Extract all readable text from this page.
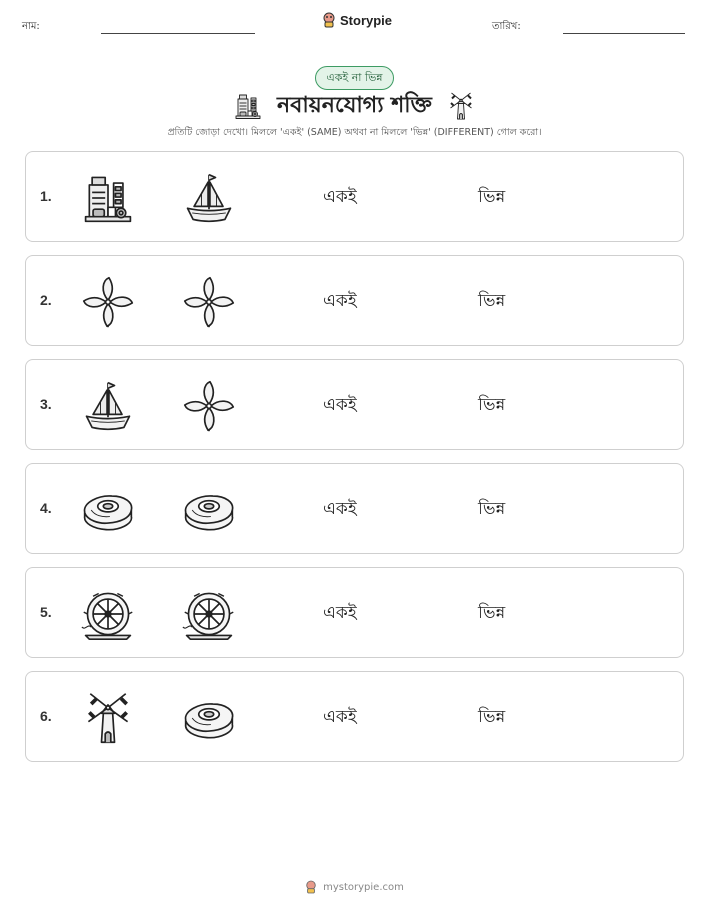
নাম:	Storypie	তারিখ:
একই না ভিন্ন
নবায়নযোগ্য শক্তি
প্রতিটি জোড়া দেখো। মিললে 'একই' (SAME) অথবা না মিললে 'ভিন্ন' (DIFFERENT) গোল করো।
1.	একই	ভিন্ন
2.	একই	ভিন্ন
3.	একই	ভিন্ন
4.	একই	ভিন্ন
5.	একই	ভিন্ন
6.	একই	ভিন্ন
mystorypie.com
